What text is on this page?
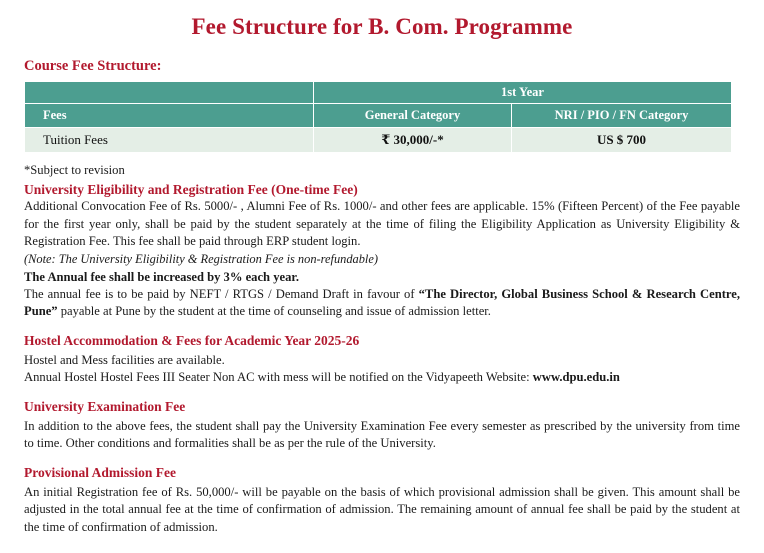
Fee Structure for B. Com. Programme
Course Fee Structure:
	1st Year	
Fees	General Category	NRI / PIO / FN Category
Tuition Fees	₹ 30,000/-*	US $ 700
*Subject to revision
University Eligibility and Registration Fee (One-time Fee)

Additional Convocation Fee of Rs. 5000/- , Alumni Fee of Rs. 1000/- and other fees are applicable. 15% (Fifteen Percent) of the Fee payable for the first year only, shall be paid by the student separately at the time of filing the Eligibility Application as University Eligibility & Registration Fee. This fee shall be paid through ERP student login.

(Note: The University Eligibility & Registration Fee is non-refundable)
The Annual fee shall be increased by 3% each year.

The annual fee is to be paid by NEFT / RTGS / Demand Draft in favour of “The Director, Global Business School & Research Centre, Pune” payable at Pune by the student at the time of counseling and issue of admission letter.

Hostel Accommodation & Fees for Academic Year 2025-26
Hostel and Mess facilities are available.
Annual Hostel Hostel Fees III Seater Non AC with mess will be notified on the Vidyapeeth Website: www.dpu.edu.in
University Examination Fee

In addition to the above fees, the student shall pay the University Examination Fee every semester as prescribed by the university from time to time. Other conditions and formalities shall be as per the rule of the University.

Provisional Admission Fee

An initial Registration fee of Rs. 50,000/- will be payable on the basis of which provisional admission shall be given. This amount shall be adjusted in the total annual fee at the time of confirmation of admission. The remaining amount of annual fee shall be paid by the student at the time of confirmation of admission.
